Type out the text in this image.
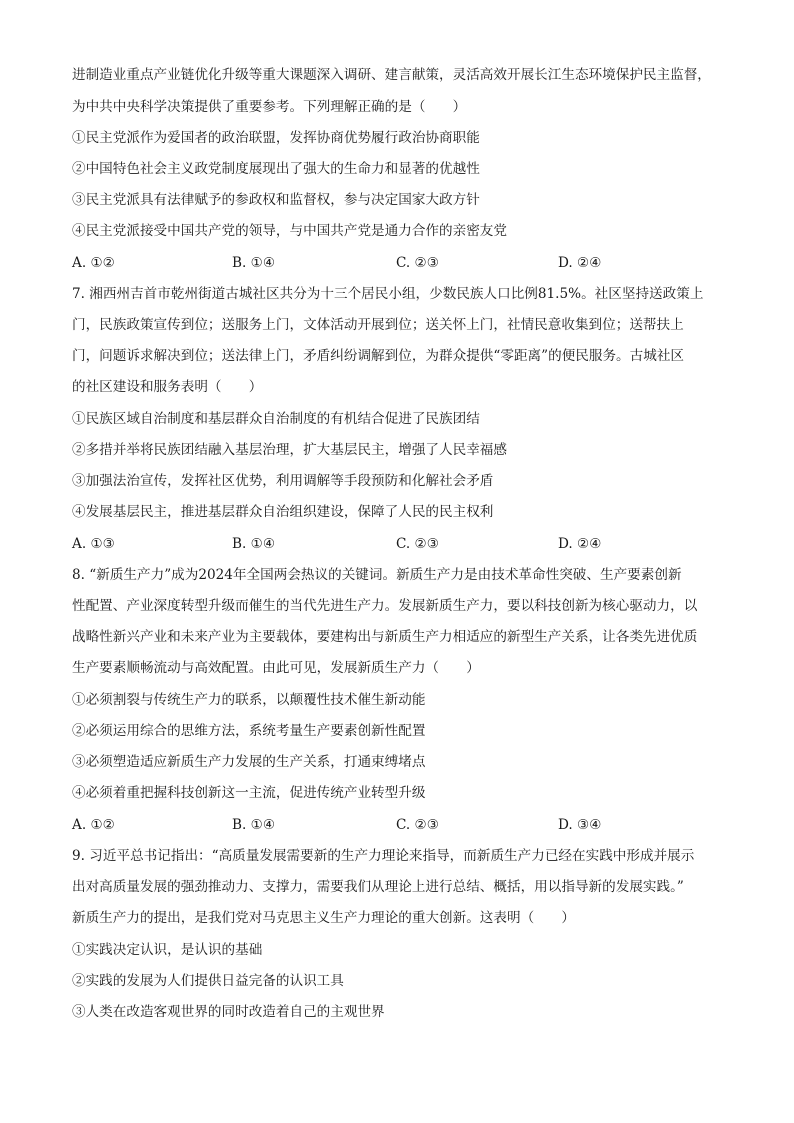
进制造业重点产业链优化升级等重大课题深入调研、建言献策，灵活高效开展长江生态环境保护民主监督，
为中共中央科学决策提供了重要参考。下列理解正确的是（　　）
①民主党派作为爱国者的政治联盟，发挥协商优势履行政治协商职能
②中国特色社会主义政党制度展现出了强大的生命力和显著的优越性
③民主党派具有法律赋予的参政权和监督权，参与决定国家大政方针
④民主党派接受中国共产党的领导，与中国共产党是通力合作的亲密友党
A. ①②	B. ①④	C. ②③	D. ②④
7. 湘西州吉首市乾州街道古城社区共分为十三个居民小组，少数民族人口比例81.5%。社区坚持送政策上
门，民族政策宣传到位；送服务上门，文体活动开展到位；送关怀上门，社情民意收集到位；送帮扶上
门，问题诉求解决到位；送法律上门，矛盾纠纷调解到位，为群众提供“零距离”的便民服务。古城社区
的社区建设和服务表明（　　）
①民族区域自治制度和基层群众自治制度的有机结合促进了民族团结
②多措并举将民族团结融入基层治理，扩大基层民主，增强了人民幸福感
③加强法治宣传，发挥社区优势，利用调解等手段预防和化解社会矛盾
④发展基层民主，推进基层群众自治组织建设，保障了人民的民主权利
A. ①③	B. ①④	C. ②③	D. ②④
8. “新质生产力”成为2024年全国两会热议的关键词。新质生产力是由技术革命性突破、生产要素创新
性配置、产业深度转型升级而催生的当代先进生产力。发展新质生产力，要以科技创新为核心驱动力，以
战略性新兴产业和未来产业为主要载体，要建构出与新质生产力相适应的新型生产关系，让各类先进优质
生产要素顺畅流动与高效配置。由此可见，发展新质生产力（　　）
①必须割裂与传统生产力的联系，以颠覆性技术催生新动能
②必须运用综合的思维方法，系统考量生产要素创新性配置
③必须塑造适应新质生产力发展的生产关系，打通束缚堵点
④必须着重把握科技创新这一主流，促进传统产业转型升级
A. ①②	B. ①④	C. ②③	D. ③④
9. 习近平总书记指出：“高质量发展需要新的生产力理论来指导，而新质生产力已经在实践中形成并展示
出对高质量发展的强劲推动力、支撑力，需要我们从理论上进行总结、概括，用以指导新的发展实践。”
新质生产力的提出，是我们党对马克思主义生产力理论的重大创新。这表明（　　）
①实践决定认识，是认识的基础
②实践的发展为人们提供日益完备的认识工具
③人类在改造客观世界的同时改造着自己的主观世界
